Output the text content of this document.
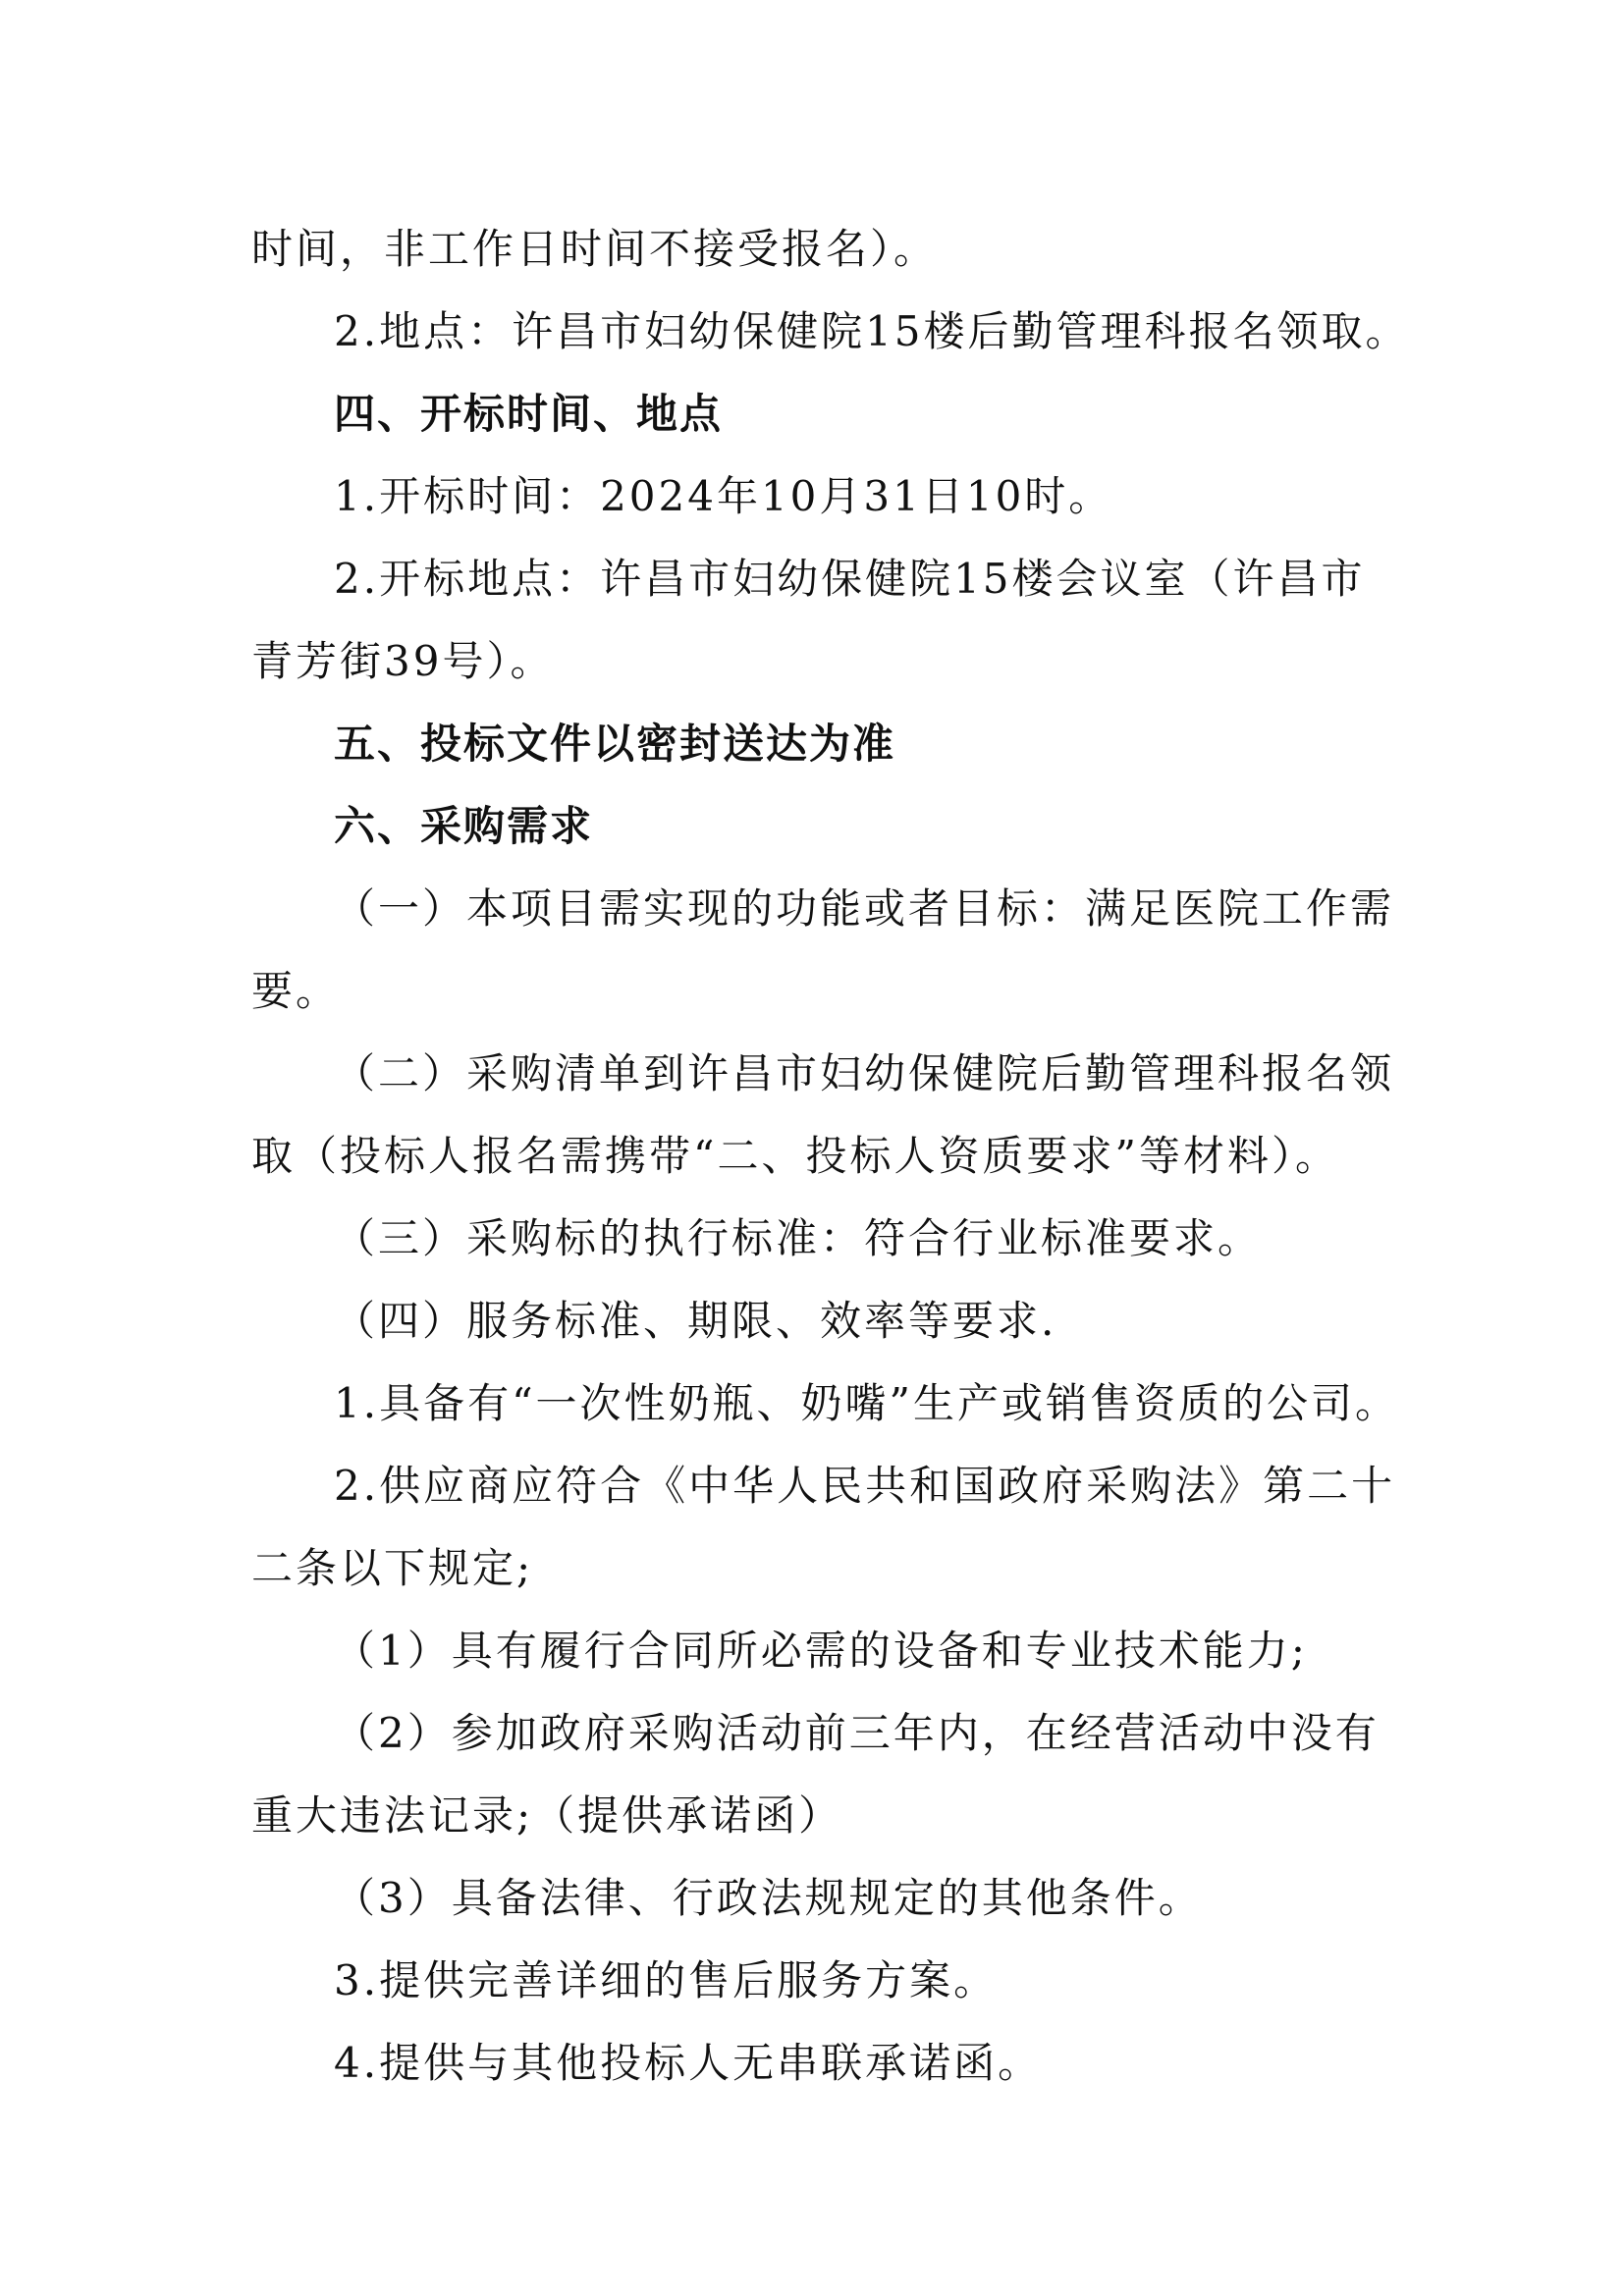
时间，非工作日时间不接受报名）。
2.地点：许昌市妇幼保健院15楼后勤管理科报名领取。
四、开标时间、地点
1.开标时间：2024年10月31日10时。
2.开标地点：许昌市妇幼保健院15楼会议室（许昌市
青芳街39号）。
五、投标文件以密封送达为准
六、采购需求
（一）本项目需实现的功能或者目标：满足医院工作需
要。
（二）采购清单到许昌市妇幼保健院后勤管理科报名领
取（投标人报名需携带“二、投标人资质要求”等材料）。
（三）采购标的执行标准：符合行业标准要求。
（四）服务标准、期限、效率等要求.
1.具备有“一次性奶瓶、奶嘴”生产或销售资质的公司。
2.供应商应符合《中华人民共和国政府采购法》第二十
二条以下规定;
（1）具有履行合同所必需的设备和专业技术能力;
（2）参加政府采购活动前三年内，在经营活动中没有
重大违法记录;（提供承诺函）
（3）具备法律、行政法规规定的其他条件。
3.提供完善详细的售后服务方案。
4.提供与其他投标人无串联承诺函。
